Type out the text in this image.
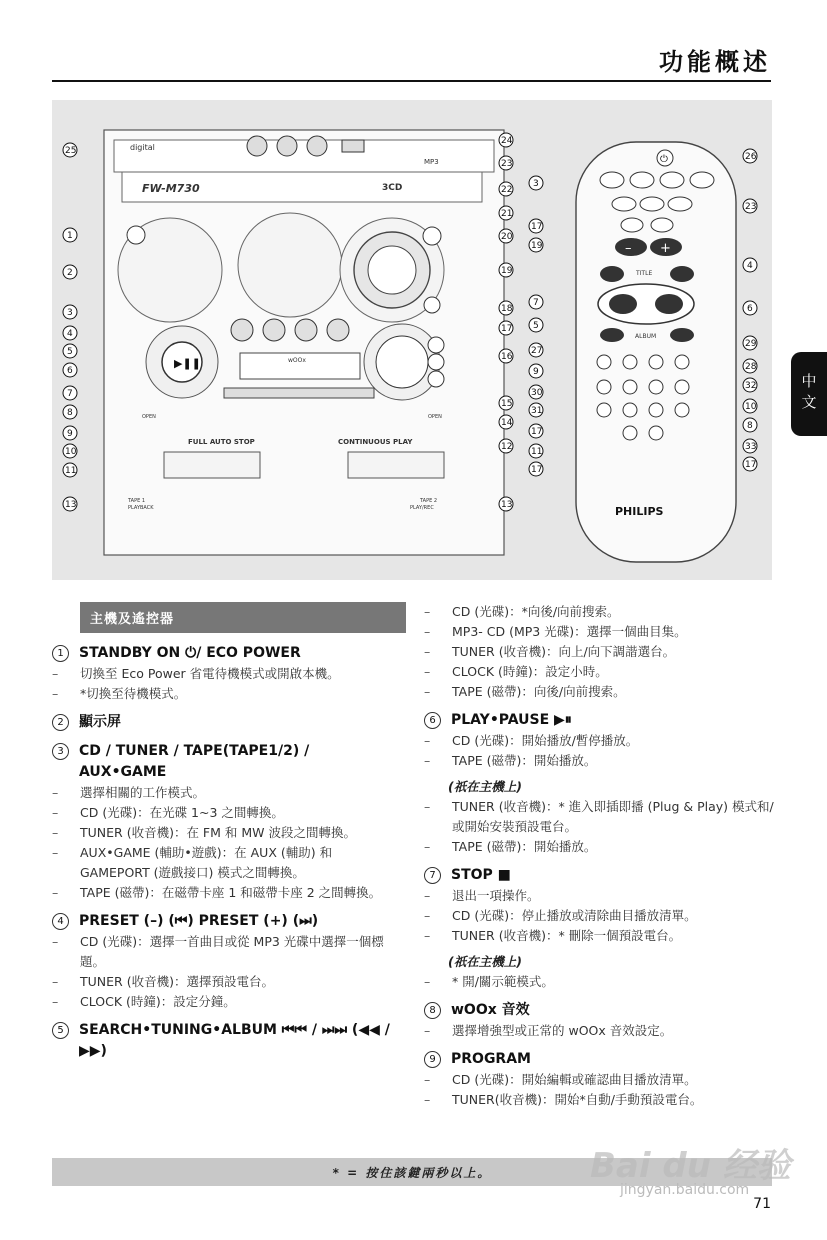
功能概述
digital
FW-M730	3CD
MP3
▶❚❚	wOOx
FULL AUTO STOP	CONTINUOUS PLAY
OPEN	OPEN
TAPE 1
PLAYBACK
TAPE 2
PLAY/REC
⏻
– +
TITLE
ALBUM
PHILIPS
25
1
2
3
4
5
6
7
8
9
10
11
13
24
23
22
21
20
19
18
17
16
15
14
12
13
3
17
19
7
5
27
9
30
31
17
11
17
26
23
4
6
29
28
32
10
8
33
17
中文
主機及遙控器
1	STANDBY ON ⏻/ ECO POWER
–	切換至 Eco Power 省電待機模式或開啟本機。
–	*切換至待機模式。
2	顯示屏
3	CD / TUNER / TAPE(TAPE1/2) / AUX•GAME
–	選擇相關的工作模式。
–	CD (光碟)：在光碟 1~3 之間轉換。
–	TUNER (收音機)：在 FM 和 MW 波段之間轉換。
–	AUX•GAME (輔助•遊戲)：在 AUX (輔助) 和 GAMEPORT (遊戲接口) 模式之間轉換。
–	TAPE (磁帶)：在磁帶卡座 1 和磁帶卡座 2 之間轉換。
4	PRESET (–) (⏮) PRESET (+) (⏭)
–	CD (光碟)：選擇一首曲目或從 MP3 光碟中選擇一個標題。
–	TUNER (收音機)：選擇預設電台。
–	CLOCK (時鐘)：設定分鐘。
5	SEARCH•TUNING•ALBUM ⏮⏮ / ⏭⏭ (◀◀ / ▶▶)
–	CD (光碟)：*向後/向前搜索。
–	MP3- CD (MP3 光碟)：選擇一個曲目集。
–	TUNER (收音機)：向上/向下調諧選台。
–	CLOCK (時鐘)：設定小時。
–	TAPE (磁帶)：向後/向前搜索。
6	PLAY•PAUSE ▶⏸
–	CD (光碟)：開始播放/暫停播放。
–	TAPE (磁帶)：開始播放。
(祇在主機上)
–	TUNER (收音機)：* 進入即插即播 (Plug & Play) 模式和/或開始安裝預設電台。
–	TAPE (磁帶)：開始播放。
7	STOP ■
–	退出一項操作。
–	CD (光碟)：停止播放或清除曲目播放清單。
–	TUNER (收音機)：* 刪除一個預設電台。
(祇在主機上)
–	* 開/關示範模式。
8	wOOx 音效
–	選擇增強型或正常的 wOOx 音效設定。
9	PROGRAM
–	CD (光碟)：開始編輯或確認曲目播放清單。
–	TUNER(收音機)：開始*自動/手動預設電台。
* = 按住該鍵兩秒以上。
71
Bai du 经验
jingyan.baidu.com
